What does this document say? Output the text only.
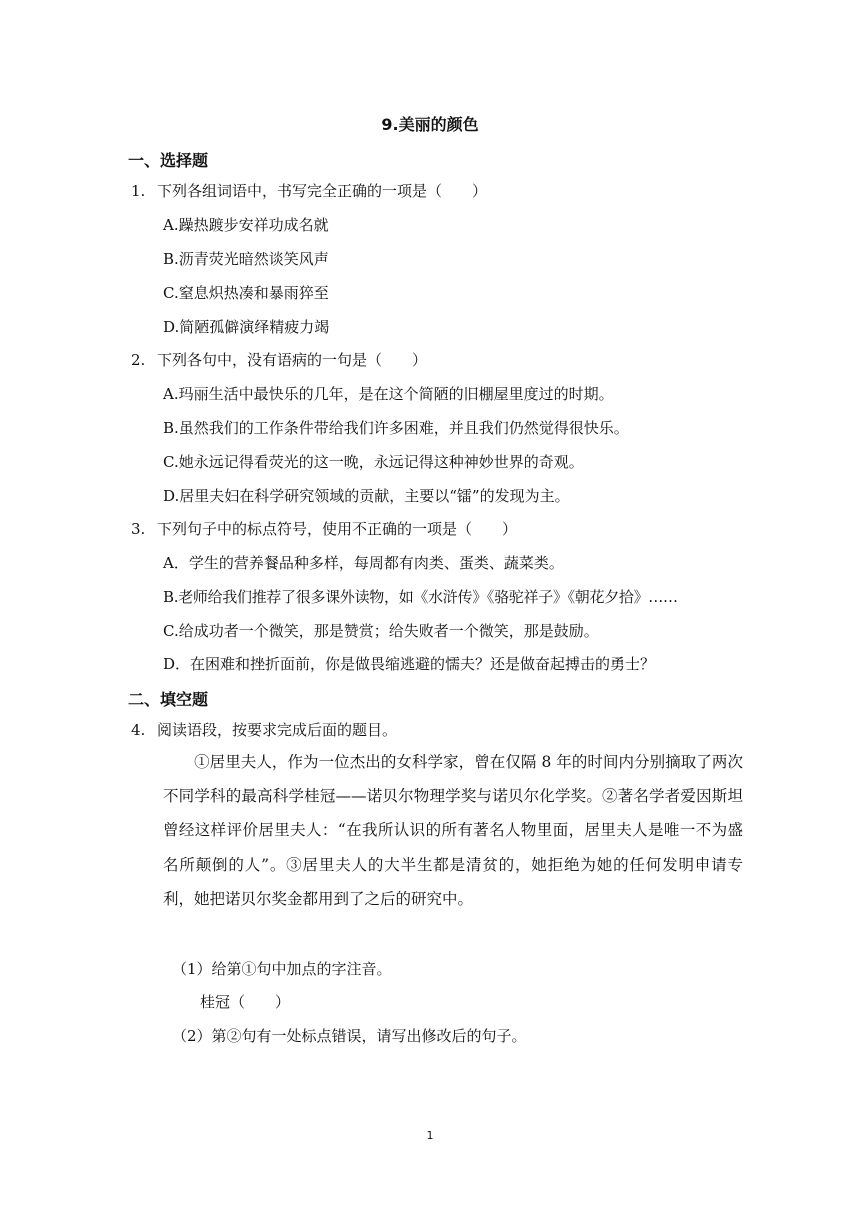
9.美丽的颜色
一、选择题
1. 下列各组词语中，书写完全正确的一项是（　　）
A.躁热踱步安祥功成名就
B.沥青荧光暗然谈笑风声
C.窒息炽热凑和暴雨猝至
D.简陋孤僻演绎精疲力竭
2. 下列各句中，没有语病的一句是（　　）
A.玛丽生活中最快乐的几年，是在这个简陋的旧棚屋里度过的时期。
B.虽然我们的工作条件带给我们许多困难，并且我们仍然觉得很快乐。
C.她永远记得看荧光的这一晚，永远记得这种神妙世界的奇观。
D.居里夫妇在科学研究领域的贡献，主要以“镭”的发现为主。
3. 下列句子中的标点符号，使用不正确的一项是（　　）
A．学生的营养餐品种多样，每周都有肉类、蛋类、蔬菜类。
B.老师给我们推荐了很多课外读物，如《水浒传》《骆驼祥子》《朝花夕拾》……
C.给成功者一个微笑，那是赞赏；给失败者一个微笑，那是鼓励。
D．在困难和挫折面前，你是做畏缩逃避的懦夫？还是做奋起搏击的勇士？
二、填空题
4. 阅读语段，按要求完成后面的题目。
①居里夫人，作为一位杰出的女科学家，曾在仅隔 8 年的时间内分别摘取了两次不同学科的最高科学桂冠——诺贝尔物理学奖与诺贝尔化学奖。②著名学者爱因斯坦曾经这样评价居里夫人：“在我所认识的所有著名人物里面，居里夫人是唯一不为盛名所颠倒的人”。③居里夫人的大半生都是清贫的，她拒绝为她的任何发明申请专利，她把诺贝尔奖金都用到了之后的研究中。
（1）给第①句中加点的字注音。
桂冠（　　）
（2）第②句有一处标点错误，请写出修改后的句子。
1
